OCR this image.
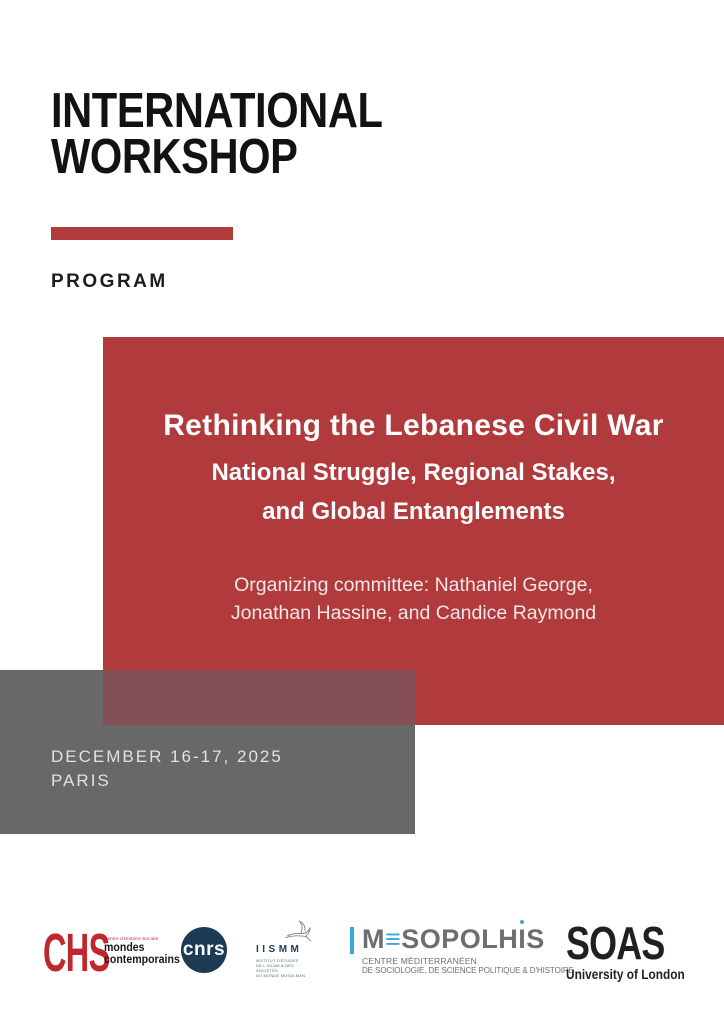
INTERNATIONAL
WORKSHOP
PROGRAM
Rethinking the Lebanese Civil War
National Struggle, Regional Stakes,
and Global Entanglements
Organizing committee: Nathaniel George,
Jonathan Hassine, and Candice Raymond
DECEMBER 16-17, 2025
PARIS
CHS
Centre d'Histoire Sociale
mondes
contemporains cnrs	IISMM
INSTITUT D'ÉTUDES
DE L'ISLAM & DES SOCIÉTÉS
DU MONDE MUSULMAN
M≡SOPOLH
IS
CENTRE MÉDITERRANÉEN
DE SOCIOLOGIE, DE SCIENCE POLITIQUE & D'HISTOIRE
SOAS
University of London
